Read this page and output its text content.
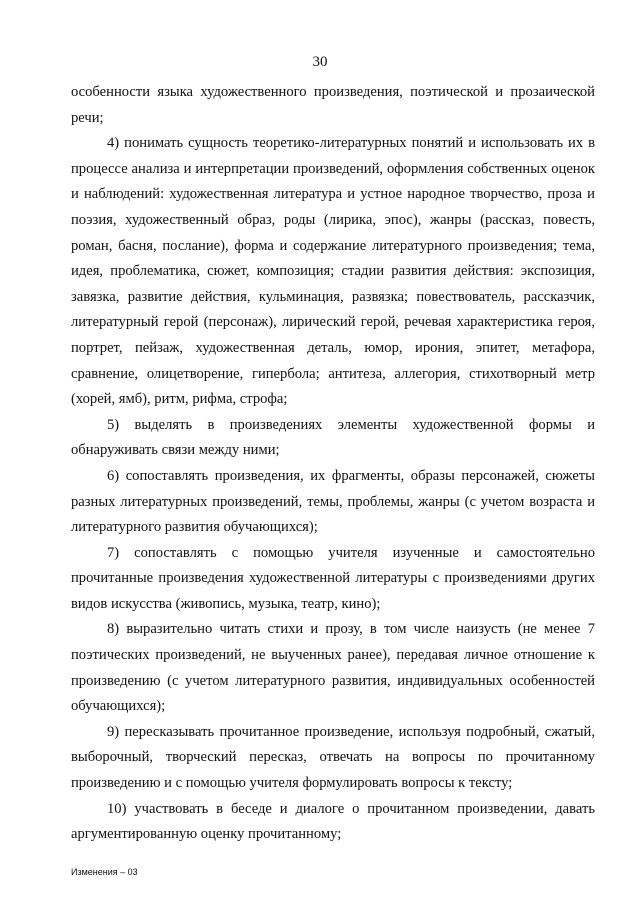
30

особенности языка художественного произведения, поэтической и прозаической речи;

4) понимать сущность теоретико-литературных понятий и использовать их в процессе анализа и интерпретации произведений, оформления собственных оценок и наблюдений: художественная литература и устное народное творчество, проза и поэзия, художественный образ, роды (лирика, эпос), жанры (рассказ, повесть, роман, басня, послание), форма и содержание литературного произведения; тема, идея, проблематика, сюжет, композиция; стадии развития действия: экспозиция, завязка, развитие действия, кульминация, развязка; повествователь, рассказчик, литературный герой (персонаж), лирический герой, речевая характеристика героя, портрет, пейзаж, художественная деталь, юмор, ирония, эпитет, метафора, сравнение, олицетворение, гипербола; антитеза, аллегория, стихотворный метр (хорей, ямб), ритм, рифма, строфа;

5) выделять в произведениях элементы художественной формы и обнаруживать связи между ними;

6) сопоставлять произведения, их фрагменты, образы персонажей, сюжеты разных литературных произведений, темы, проблемы, жанры (с учетом возраста и литературного развития обучающихся);

7) сопоставлять с помощью учителя изученные и самостоятельно прочитанные произведения художественной литературы с произведениями других видов искусства (живопись, музыка, театр, кино);

8) выразительно читать стихи и прозу, в том числе наизусть (не менее 7 поэтических произведений, не выученных ранее), передавая личное отношение к произведению (с учетом литературного развития, индивидуальных особенностей обучающихся);

9) пересказывать прочитанное произведение, используя подробный, сжатый, выборочный, творческий пересказ, отвечать на вопросы по прочитанному произведению и с помощью учителя формулировать вопросы к тексту;

10) участвовать в беседе и диалоге о прочитанном произведении, давать аргументированную оценку прочитанному;

Изменения – 03
